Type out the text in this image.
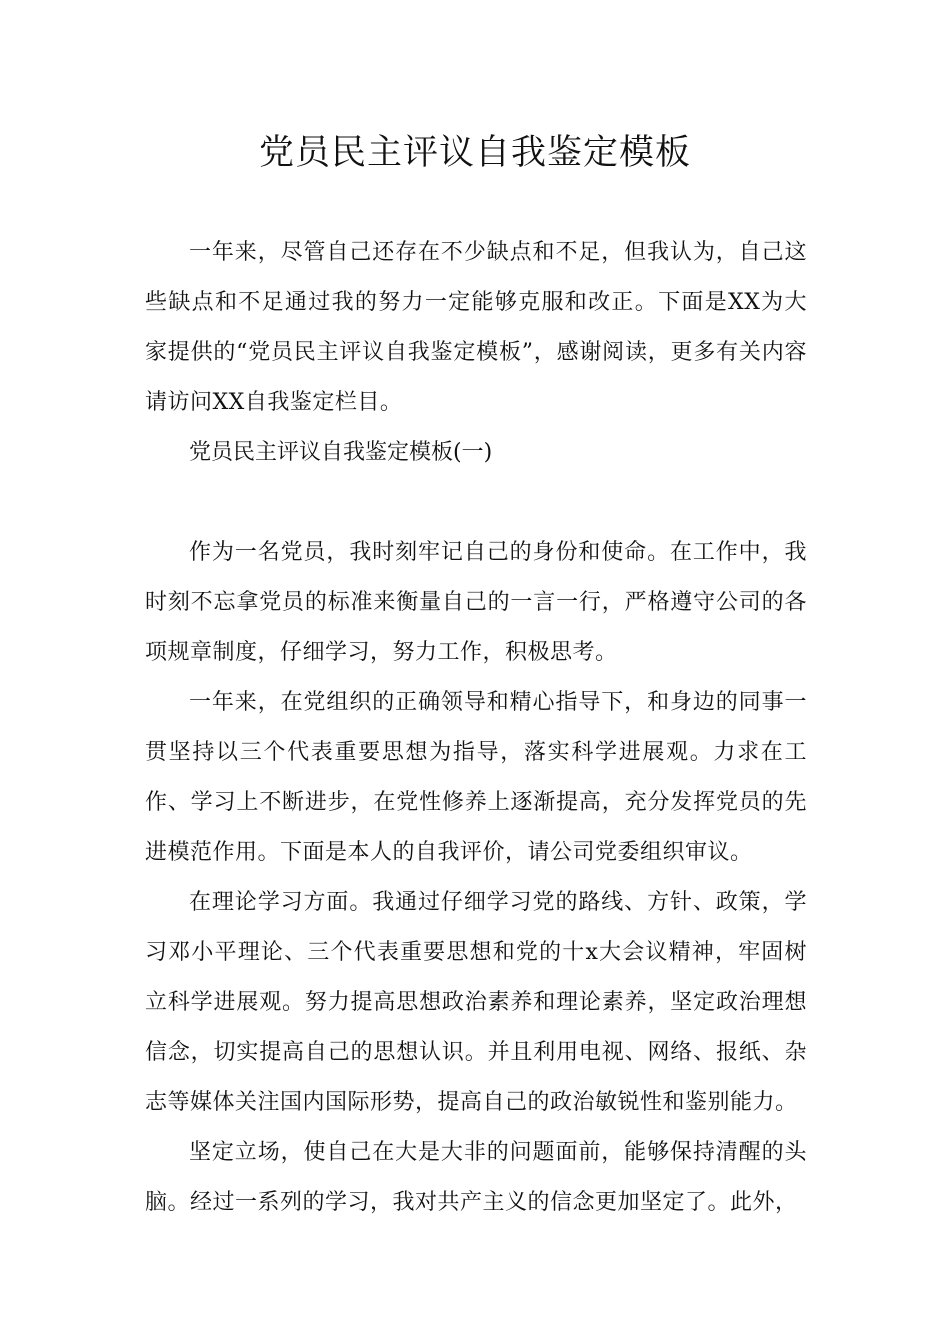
党员民主评议自我鉴定模板

一年来，尽管自己还存在不少缺点和不足，但我认为，自己这些缺点和不足通过我的努力一定能够克服和改正。下面是XX为大家提供的“党员民主评议自我鉴定模板”，感谢阅读，更多有关内容请访问XX自我鉴定栏目。

党员民主评议自我鉴定模板(一)

作为一名党员，我时刻牢记自己的身份和使命。在工作中，我时刻不忘拿党员的标准来衡量自己的一言一行，严格遵守公司的各项规章制度，仔细学习，努力工作，积极思考。

一年来，在党组织的正确领导和精心指导下，和身边的同事一贯坚持以三个代表重要思想为指导，落实科学进展观。力求在工作、学习上不断进步，在党性修养上逐渐提高，充分发挥党员的先进模范作用。下面是本人的自我评价，请公司党委组织审议。

在理论学习方面。我通过仔细学习党的路线、方针、政策，学习邓小平理论、三个代表重要思想和党的十x大会议精神，牢固树立科学进展观。努力提高思想政治素养和理论素养，坚定政治理想信念，切实提高自己的思想认识。并且利用电视、网络、报纸、杂志等媒体关注国内国际形势，提高自己的政治敏锐性和鉴别能力。

坚定立场，使自己在大是大非的问题面前，能够保持清醒的头脑。经过一系列的学习，我对共产主义的信念更加坚定了。此外，
